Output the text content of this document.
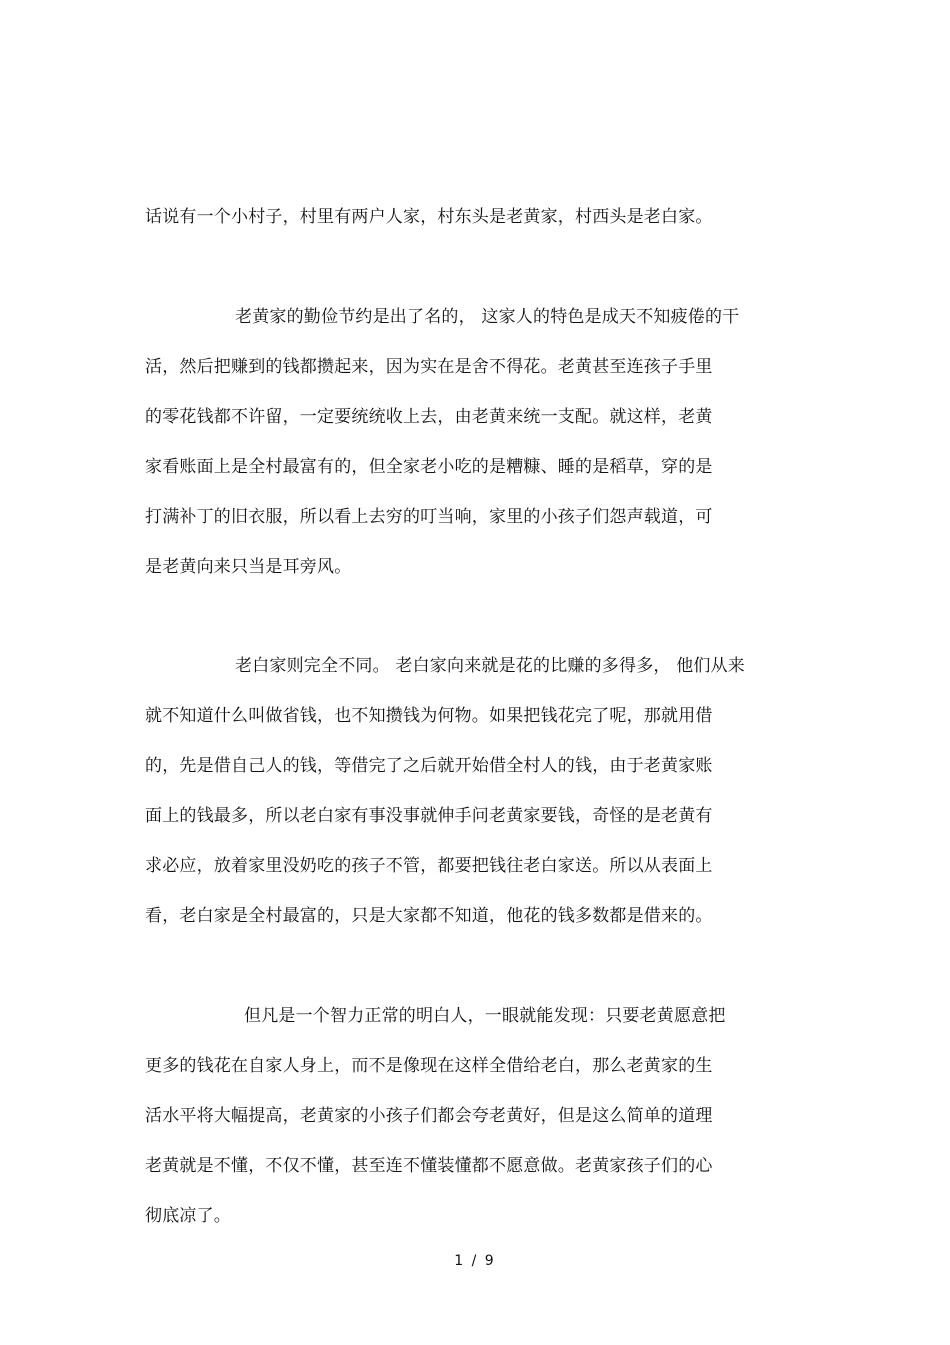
话说有一个小村子，村里有两户人家，村东头是老黄家，村西头是老白家。
老黄家的勤俭节约是出了名的， 这家人的特色是成天不知疲倦的干
活，然后把赚到的钱都攒起来，因为实在是舍不得花。老黄甚至连孩子手里
的零花钱都不许留，一定要统统收上去，由老黄来统一支配。就这样，老黄
家看账面上是全村最富有的，但全家老小吃的是糟糠、睡的是稻草，穿的是
打满补丁的旧衣服，所以看上去穷的叮当响，家里的小孩子们怨声载道，可
是老黄向来只当是耳旁风。
老白家则完全不同。 老白家向来就是花的比赚的多得多， 他们从来
就不知道什么叫做省钱，也不知攒钱为何物。如果把钱花完了呢，那就用借
的，先是借自己人的钱，等借完了之后就开始借全村人的钱，由于老黄家账
面上的钱最多，所以老白家有事没事就伸手问老黄家要钱，奇怪的是老黄有
求必应，放着家里没奶吃的孩子不管，都要把钱往老白家送。所以从表面上
看，老白家是全村最富的，只是大家都不知道，他花的钱多数都是借来的。
但凡是一个智力正常的明白人，一眼就能发现：只要老黄愿意把
更多的钱花在自家人身上，而不是像现在这样全借给老白，那么老黄家的生
活水平将大幅提高，老黄家的小孩子们都会夸老黄好，但是这么简单的道理
老黄就是不懂，不仅不懂，甚至连不懂装懂都不愿意做。老黄家孩子们的心
彻底凉了。
1 / 9
